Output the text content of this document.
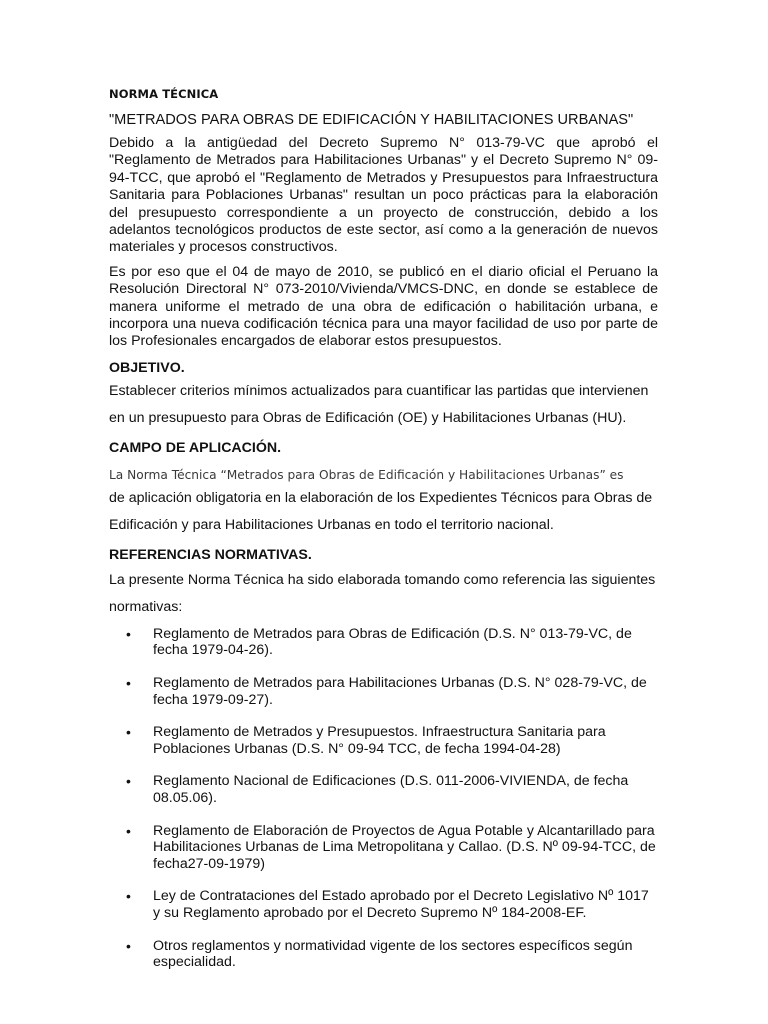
NORMA TÉCNICA

"METRADOS PARA OBRAS DE EDIFICACIÓN Y HABILITACIONES URBANAS"

Debido a la antigüedad del Decreto Supremo N° 013-79-VC que aprobó el "Reglamento de Metrados para Habilitaciones Urbanas" y el Decreto Supremo N° 09-94-TCC, que aprobó el "Reglamento de Metrados y Presupuestos para Infraestructura Sanitaria para Poblaciones Urbanas" resultan un poco prácticas para la elaboración del presupuesto correspondiente a un proyecto de construcción, debido a los adelantos tecnológicos productos de este sector, así como a la generación de nuevos materiales y procesos constructivos.

Es por eso que el 04 de mayo de 2010, se publicó en el diario oficial el Peruano la Resolución Directoral N° 073-2010/Vivienda/VMCS-DNC, en donde se establece de manera uniforme el metrado de una obra de edificación o habilitación urbana, e incorpora una nueva codificación técnica para una mayor facilidad de uso por parte de los Profesionales encargados de elaborar estos presupuestos.

OBJETIVO.

Establecer criterios mínimos actualizados para cuantificar las partidas que intervienen

en un presupuesto para Obras de Edificación (OE) y Habilitaciones Urbanas (HU).

CAMPO DE APLICACIÓN.

La Norma Técnica “Metrados para Obras de Edificación y Habilitaciones Urbanas” es

de aplicación obligatoria en la elaboración de los Expedientes Técnicos para Obras de

Edificación y para Habilitaciones Urbanas en todo el territorio nacional.

REFERENCIAS NORMATIVAS.

La presente Norma Técnica ha sido elaborada tomando como referencia las siguientes

normativas:

• Reglamento de Metrados para Obras de Edificación (D.S. N° 013-79-VC, de fecha 1979-04-26).
• Reglamento de Metrados para Habilitaciones Urbanas (D.S. N° 028-79-VC, de fecha 1979-09-27).
• Reglamento de Metrados y Presupuestos. Infraestructura Sanitaria para Poblaciones Urbanas (D.S. N° 09-94 TCC, de fecha 1994-04-28)
• Reglamento Nacional de Edificaciones (D.S. 011-2006-VIVIENDA, de fecha 08.05.06).
• Reglamento de Elaboración de Proyectos de Agua Potable y Alcantarillado para Habilitaciones Urbanas de Lima Metropolitana y Callao. (D.S. Nº 09-94-TCC, de fecha27-09-1979)
• Ley de Contrataciones del Estado aprobado por el Decreto Legislativo Nº 1017 y su Reglamento aprobado por el Decreto Supremo Nº 184-2008-EF.
• Otros reglamentos y normatividad vigente de los sectores específicos según especialidad.
